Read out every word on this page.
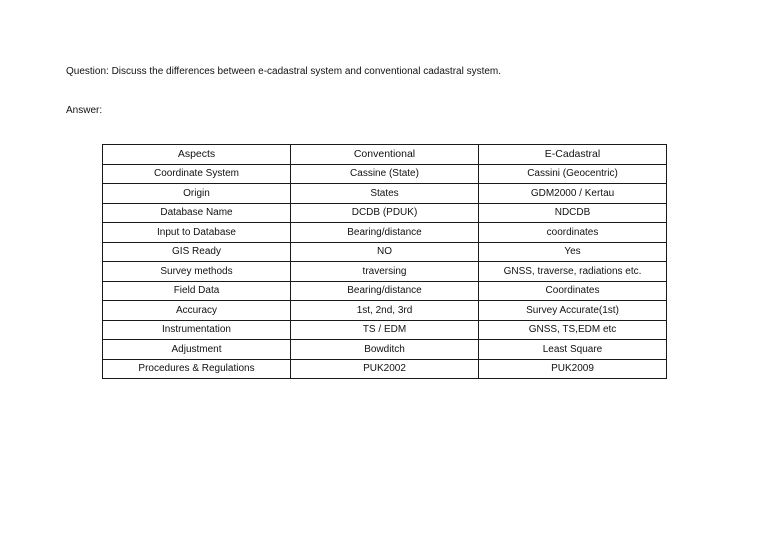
Question: Discuss the differences between e-cadastral system and conventional cadastral system.
Answer:
Aspects	Conventional	E-Cadastral
Coordinate System	Cassine (State)	Cassini (Geocentric)
Origin	States	GDM2000 / Kertau
Database Name	DCDB (PDUK)	NDCDB
Input to Database	Bearing/distance	coordinates
GIS Ready	NO	Yes
Survey methods	traversing	GNSS, traverse, radiations etc.
Field Data	Bearing/distance	Coordinates
Accuracy	1st, 2nd, 3rd	Survey Accurate(1st)
Instrumentation	TS / EDM	GNSS, TS,EDM etc
Adjustment	Bowditch	Least Square
Procedures & Regulations	PUK2002	PUK2009
